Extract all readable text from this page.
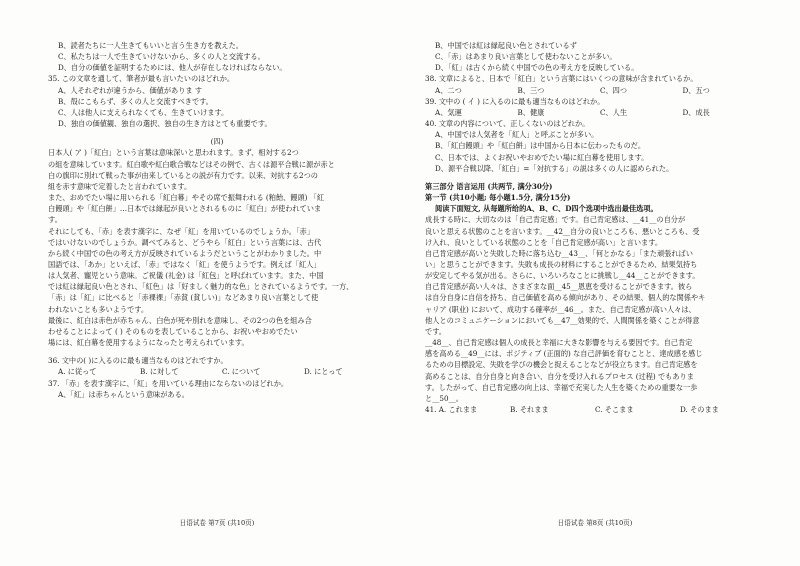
B、読者たちに一人生きてもいいと言う生き方を教えた。
C、私たちは一人で生きていけないから、多くの人と交流する。
D、自分の価値を証明するためには、他人が存在しなければならない。
35. この文章を通して、筆者が最も言いたいのはどれか。
A、人それぞれが違うから、価値がありま す
B、殻にこもらず、多くの人と交流すべきです。
C、人は他人に支えられなくても、生きていけます。
D、独自の価値観、独自の選択、独自の生き方はとても重要です。
(四)
日本人( ア )「紅白」という言葉は意味深いと思われます。まず、相対する2つ
の組を意味しています。紅白歌や紅白歌合戦などはその例で、古くは源平合戦に源が赤と
白の旗印に別れて戦った事が由来しているとの説が有力です。以来、対抗する2つの
組を赤す意味で定着したと言われています。
また、おめでたい場に用いられる「紅白幕」やその席で振舞われる (粕飴、饅頭) 「紅
白饅頭」や「紅白餅」…日本では縁起が良いとされるものに「紅白」が使われていま
す。
それにしても、「赤」を表す漢字に、なぜ「紅」を用いているのでしょうか。「赤」
ではいけないのでしょうか。調べてみると、どうやら「紅白」という言葉には、古代
から続く中国での色の考え方が反映されているようだということがわかりました。中
国語では、「あか」といえば、「赤」ではなく「紅」を使うようです。例えば「紅人」
は人気者、寵児という意味。ご祝儀 (礼金) は「紅包」と呼ばれています。また、中国
では紅は縁起良い色とされ、「紅色」は「好ましく魅力的な色」とされているようです。一方、
「赤」は「紅」に比べると「赤裸裸」「赤貧 (貧しい)」などあまり良い言葉として使
われないことも多いようです。
最後に、紅白は赤色が赤ちゃん、白色が死や別れを意味し、その2つの色を組み合
わせることによって ( ) そのものを表していることから、お祝いやおめでたい
場には、紅白幕を使用するようになったと考えられています。
36. 文中の( )に入るのに最も適当なものはどれですか。
A. に従って	B. に対して	C. について	D. にとって
37. 「赤」を表す漢字に、「紅」を用いている理由にならないのはどれか。
A、「紅」は赤ちゃんという意味がある。
日语试卷 第7页 (共10页)
B、中国では紅は縁起良い色とされているず
C、「赤」はあまり良い言葉として使わないことが多い。
D、「紅」は古くから続く中国での色の考え方を反映している。
38. 文章によると、日本で「紅白」という言葉にはいくつの意味が含まれているか。
A、二つ	B、三つ	C、四つ	D、五つ
39. 文中の ( イ ) に入るのに最も適当なものはどれか。
A、気運	B、健康	C、人生	D、成長
40. 文章の内容について、正しくないのはどれか。
A、中国では人気者を「紅人」と呼ぶことが多い。
B、「紅白饅頭」や「紅白餅」は中国から日本に伝わったものだ。
C、日本では、よくお祝いやおめでたい場に紅白幕を使用します。
D、源平合戦以降、「紅白」=「対抗する」の説は多くの人に認められた。
第三部分 语言运用 (共两节, 满分30分)
第一节 (共10小题; 每小题1.5分, 满分15分)
阅读下面短文, 从每题所给的A、B、C、D四个选项中选出最佳选项。
成長する時に、大切なのは「自己肯定感」です。自己肯定感は、__41__の自分が
良いと思える状態のことを言います。__42__自分の良いところも、悪いところも、受
け入れ、良いとしている状態のことを「自己肯定感が高い」と言います。
自己肯定感が高いと失敗した時に落ち込む__43__、「何とかなる」「また頑張ればい
い」と思うことができます。失敗も成長の材料にすることができるため、結果気持ち
が安定してやる気が出る。さらに、いろいろなことに挑戦し__44__ことができます。
自己肯定感が高い人々は、さまざまな面__45__恩恵を受けることができます。彼ら
は自分自身に自信を持ち、自己価値を高める傾向があり、その結果、個人的な関係やキ
ャリア (职业) において、成功する確率が__46__。また、自己肯定感が高い人々は、
他人とのコミュニケーションにおいても__47__効果的で、人間関係を築くことが得意
です。
__48__、自己肯定感は個人の成長と幸福に大きな影響を与える要因です。自己肯定
感を高める__49__には、ポジティブ (正面的) な自己評価を育むことと、達成感を感じ
るための目標設定、失敗を学びの機会と捉えることなどが役立ちます。自己肯定感を
高めることは、自分自身と向き合い、自分を受け入れるプロセス (过程) でもありま
す。したがって、自己肯定感の向上は、幸福で充実した人生を築くための重要な一歩
と__50__。
41. A. これまま	B. それまま	C. そこまま	D. そのまま
日语试卷 第8页 (共10页)
